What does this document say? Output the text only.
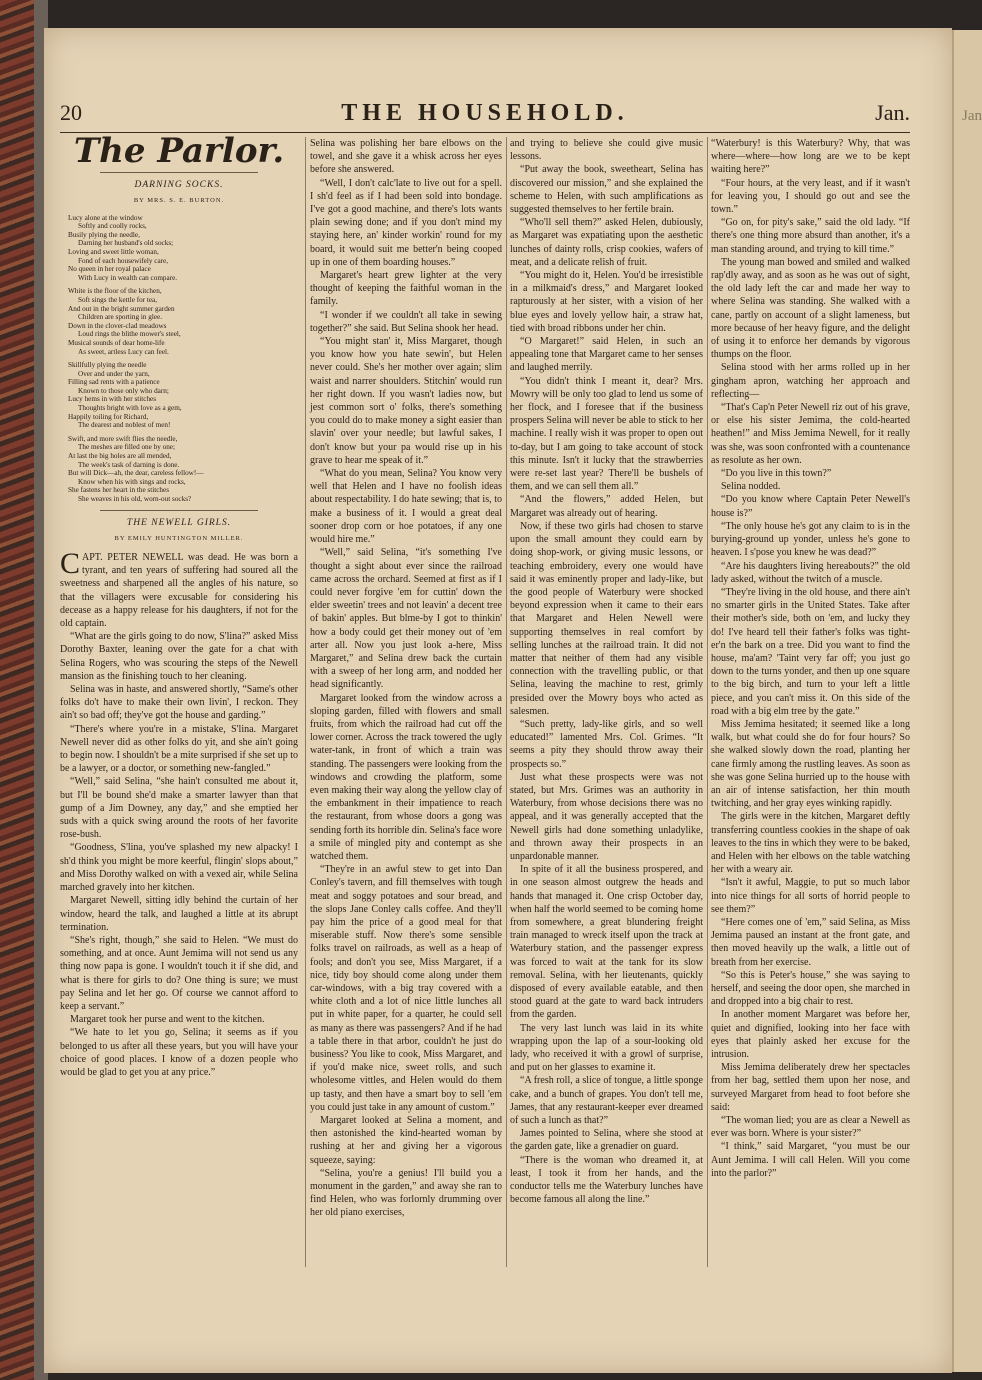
Jan
20	THE HOUSEHOLD.	Jan.
The Parlor.
DARNING SOCKS.
BY MRS. S. E. BURTON.
Lucy alone at the window
Softly and coolly rocks,
Busily plying the needle,
Darning her husband's old socks;
Loving and sweet little woman,
Fond of each housewifely care,
No queen in her royal palace
With Lucy in wealth can compare.
White is the floor of the kitchen,
Soft sings the kettle for tea,
And out in the bright summer garden
Children are sporting in glee.
Down in the clover-clad meadows
Loud rings the blithe mower's steel,
Musical sounds of dear home-life
As sweet, artless Lucy can feel.
Skillfully plying the needle
Over and under the yarn,
Filling sad rents with a patience
Known to those only who darn;
Lucy hems in with her stitches
Thoughts bright with love as a gem,
Happily toiling for Richard,
The dearest and noblest of men!
Swift, and more swift flies the needle,
The meshes are filled one by one;
At last the big holes are all mended,
The week's task of darning is done.
But will Dick—ah, the dear, careless fellow!—
Know when his with sings and rocks,
She fastens her heart in the stitches
She weaves in his old, worn-out socks?
THE NEWELL GIRLS.
BY EMILY HUNTINGTON MILLER.

CAPT. PETER NEWELL was dead. He was born a tyrant, and ten years of suffering had soured all the sweetness and sharpened all the angles of his nature, so that the villagers were excusable for considering his decease as a happy release for his daughters, if not for the old captain.

“What are the girls going to do now, S'lina?” asked Miss Dorothy Baxter, leaning over the gate for a chat with Selina Rogers, who was scouring the steps of the Newell mansion as the finishing touch to her cleaning.

Selina was in haste, and answered shortly, “Same's other folks do't have to make their own livin', I reckon. They ain't so bad off; they've got the house and garding.”

“There's where you're in a mistake, S'lina. Margaret Newell never did as other folks do yit, and she ain't going to begin now. I shouldn't be a mite surprised if she set up to be a lawyer, or a doctor, or something new-fangled.”

“Well,” said Selina, “she hain't consulted me about it, but I'll be bound she'd make a smarter lawyer than that gump of a Jim Downey, any day,” and she emptied her suds with a quick swing around the roots of her favorite rose-bush.

“Goodness, S'lina, you've splashed my new alpacky! I sh'd think you might be more keerful, flingin' slops about,” and Miss Dorothy walked on with a vexed air, while Selina marched gravely into her kitchen.

Margaret Newell, sitting idly behind the curtain of her window, heard the talk, and laughed a little at its abrupt termination.

“She's right, though,” she said to Helen. “We must do something, and at once. Aunt Jemima will not send us any thing now papa is gone. I wouldn't touch it if she did, and what is there for girls to do? One thing is sure; we must pay Selina and let her go. Of course we cannot afford to keep a servant.”

Margaret took her purse and went to the kitchen.

“We hate to let you go, Selina; it seems as if you belonged to us after all these years, but you will have your choice of good places. I know of a dozen people who would be glad to get you at any price.”

Selina was polishing her bare elbows on the towel, and she gave it a whisk across her eyes before she answered.

“Well, I don't calc'late to live out for a spell. I sh'd feel as if I had been sold into bondage. I've got a good machine, and there's lots wants plain sewing done; and if you don't mind my staying here, an' kinder workin' round for my board, it would suit me better'n being cooped up in one of them boarding houses.”

Margaret's heart grew lighter at the very thought of keeping the faithful woman in the family.

“I wonder if we couldn't all take in sewing together?” she said. But Selina shook her head.

“You might stan' it, Miss Margaret, though you know how you hate sewin', but Helen never could. She's her mother over again; slim waist and narrer shoulders. Stitchin' would run her right down. If you wasn't ladies now, but jest common sort o' folks, there's something you could do to make money a sight easier than slavin' over your needle; but lawful sakes, I don't know but your pa would rise up in his grave to hear me speak of it.”

“What do you mean, Selina? You know very well that Helen and I have no foolish ideas about respectability. I do hate sewing; that is, to make a business of it. I would a great deal sooner drop corn or hoe potatoes, if any one would hire me.”

“Well,” said Selina, “it's something I've thought a sight about ever since the railroad came across the orchard. Seemed at first as if I could never forgive 'em for cuttin' down the elder sweetin' trees and not leavin' a decent tree of bakin' apples. But blme-by I got to thinkin' how a body could get their money out of 'em arter all. Now you just look a-here, Miss Margaret,” and Selina drew back the curtain with a sweep of her long arm, and nodded her head significantly.

Margaret looked from the window across a sloping garden, filled with flowers and small fruits, from which the railroad had cut off the lower corner. Across the track towered the ugly water-tank, in front of which a train was standing. The passengers were looking from the windows and crowding the platform, some even making their way along the yellow clay of the embankment in their impatience to reach the restaurant, from whose doors a gong was sending forth its horrible din. Selina's face wore a smile of mingled pity and contempt as she watched them.

“They're in an awful stew to get into Dan Conley's tavern, and fill themselves with tough meat and soggy potatoes and sour bread, and the slops Jane Conley calls coffee. And they'll pay him the price of a good meal for that miserable stuff. Now there's some sensible folks travel on railroads, as well as a heap of fools; and don't you see, Miss Margaret, if a nice, tidy boy should come along under them car-windows, with a big tray covered with a white cloth and a lot of nice little lunches all put in white paper, for a quarter, he could sell as many as there was passengers? And if he had a table there in that arbor, couldn't he just do business? You like to cook, Miss Margaret, and if you'd make nice, sweet rolls, and such wholesome vittles, and Helen would do them up tasty, and then have a smart boy to sell 'em you could just take in any amount of custom.”

Margaret looked at Selina a moment, and then astonished the kind-hearted woman by rushing at her and giving her a vigorous squeeze, saying:

“Selina, you're a genius! I'll build you a monument in the garden,” and away she ran to find Helen, who was forlornly drumming over her old piano exercises,

and trying to believe she could give music lessons.

“Put away the book, sweetheart, Selina has discovered our mission,” and she explained the scheme to Helen, with such amplifications as suggested themselves to her fertile brain.

“Who'll sell them?” asked Helen, dubiously, as Margaret was expatiating upon the aesthetic lunches of dainty rolls, crisp cookies, wafers of meat, and a delicate relish of fruit.

“You might do it, Helen. You'd be irresistible in a milkmaid's dress,” and Margaret looked rapturously at her sister, with a vision of her blue eyes and lovely yellow hair, a straw hat, tied with broad ribbons under her chin.

“O Margaret!” said Helen, in such an appealing tone that Margaret came to her senses and laughed merrily.

“You didn't think I meant it, dear? Mrs. Mowry will be only too glad to lend us some of her flock, and I foresee that if the business prospers Selina will never be able to stick to her machine. I really wish it was proper to open out to-day, but I am going to take account of stock this minute. Isn't it lucky that the strawberries were re-set last year? There'll be bushels of them, and we can sell them all.”

“And the flowers,” added Helen, but Margaret was already out of hearing.

Now, if these two girls had chosen to starve upon the small amount they could earn by doing shop-work, or giving music lessons, or teaching embroidery, every one would have said it was eminently proper and lady-like, but the good people of Waterbury were shocked beyond expression when it came to their ears that Margaret and Helen Newell were supporting themselves in real comfort by selling lunches at the railroad train. It did not matter that neither of them had any visible connection with the travelling public, or that Selina, leaving the machine to rest, grimly presided over the Mowry boys who acted as salesmen.

“Such pretty, lady-like girls, and so well educated!” lamented Mrs. Col. Grimes. “It seems a pity they should throw away their prospects so.”

Just what these prospects were was not stated, but Mrs. Grimes was an authority in Waterbury, from whose decisions there was no appeal, and it was generally accepted that the Newell girls had done something unladylike, and thrown away their prospects in an unpardonable manner.

In spite of it all the business prospered, and in one season almost outgrew the heads and hands that managed it. One crisp October day, when half the world seemed to be coming home from somewhere, a great blundering freight train managed to wreck itself upon the track at Waterbury station, and the passenger express was forced to wait at the tank for its slow removal. Selina, with her lieutenants, quickly disposed of every available eatable, and then stood guard at the gate to ward back intruders from the garden.

The very last lunch was laid in its white wrapping upon the lap of a sour-looking old lady, who received it with a growl of surprise, and put on her glasses to examine it.

“A fresh roll, a slice of tongue, a little sponge cake, and a bunch of grapes. You don't tell me, James, that any restaurant-keeper ever dreamed of such a lunch as that?”

James pointed to Selina, where she stood at the garden gate, like a grenadier on guard.

“There is the woman who dreamed it, at least, I took it from her hands, and the conductor tells me the Waterbury lunches have become famous all along the line.”

“Waterbury! is this Waterbury? Why, that was where—where—how long are we to be kept waiting here?”

“Four hours, at the very least, and if it wasn't for leaving you, I should go out and see the town.”

“Go on, for pity's sake,” said the old lady. “If there's one thing more absurd than another, it's a man standing around, and trying to kill time.”

The young man bowed and smiled and walked rap'dly away, and as soon as he was out of sight, the old lady left the car and made her way to where Selina was standing. She walked with a cane, partly on account of a slight lameness, but more because of her heavy figure, and the delight of using it to enforce her demands by vigorous thumps on the floor.

Selina stood with her arms rolled up in her gingham apron, watching her approach and reflecting—

“That's Cap'n Peter Newell riz out of his grave, or else his sister Jemima, the cold-hearted heathen!” and Miss Jemima Newell, for it really was she, was soon confronted with a countenance as resolute as her own.

“Do you live in this town?”

Selina nodded.

“Do you know where Captain Peter Newell's house is?”

“The only house he's got any claim to is in the burying-ground up yonder, unless he's gone to heaven. I s'pose you knew he was dead?”

“Are his daughters living hereabouts?” the old lady asked, without the twitch of a muscle.

“They're living in the old house, and there ain't no smarter girls in the United States. Take after their mother's side, both on 'em, and lucky they do! I've heard tell their father's folks was tight-er'n the bark on a tree. Did you want to find the house, ma'am? 'Taint very far off; you just go down to the turns yonder, and then up one square to the big birch, and turn to your left a little piece, and you can't miss it. On this side of the road with a big elm tree by the gate.”

Miss Jemima hesitated; it seemed like a long walk, but what could she do for four hours? So she walked slowly down the road, planting her cane firmly among the rustling leaves. As soon as she was gone Selina hurried up to the house with an air of intense satisfaction, her thin mouth twitching, and her gray eyes winking rapidly.

The girls were in the kitchen, Margaret deftly transferring countless cookies in the shape of oak leaves to the tins in which they were to be baked, and Helen with her elbows on the table watching her with a weary air.

“Isn't it awful, Maggie, to put so much labor into nice things for all sorts of horrid people to see them?”

“Here comes one of 'em,” said Selina, as Miss Jemima paused an instant at the front gate, and then moved heavily up the walk, a little out of breath from her exercise.

“So this is Peter's house,” she was saying to herself, and seeing the door open, she marched in and dropped into a big chair to rest.

In another moment Margaret was before her, quiet and dignified, looking into her face with eyes that plainly asked her excuse for the intrusion.

Miss Jemima deliberately drew her spectacles from her bag, settled them upon her nose, and surveyed Margaret from head to foot before she said:

“The woman lied; you are as clear a Newell as ever was born. Where is your sister?”

“I think,” said Margaret, “you must be our Aunt Jemima. I will call Helen. Will you come into the parlor?”
